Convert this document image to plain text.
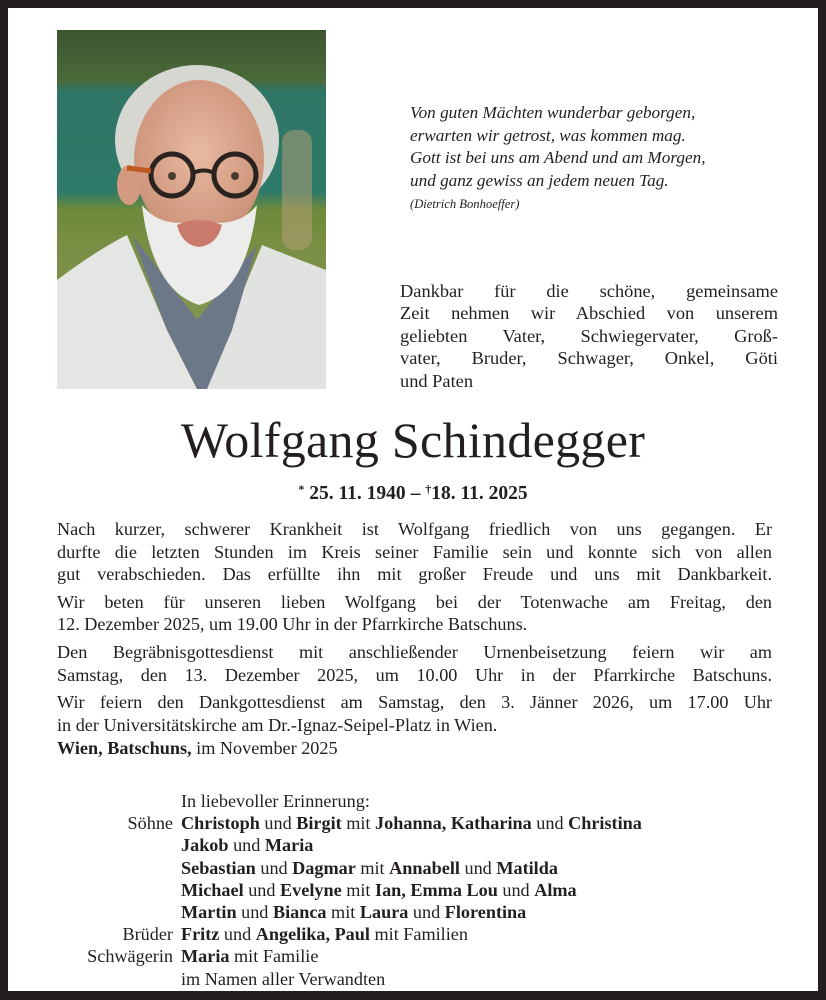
Von guten Mächten wunderbar geborgen,
erwarten wir getrost, was kommen mag.
Gott ist bei uns am Abend und am Morgen,
und ganz gewiss an jedem neuen Tag.
(Dietrich Bonhoeffer)
Dankbar für die schöne, gemeinsame
Zeit nehmen wir Abschied von unserem
geliebten Vater, Schwiegervater, Groß-
vater, Bruder, Schwager, Onkel, Göti
und Paten
Wolfgang Schindegger
* 25. 11. 1940 – †18. 11. 2025
Nach kurzer, schwerer Krankheit ist Wolfgang friedlich von uns gegangen. Er
durfte die letzten Stunden im Kreis seiner Familie sein und konnte sich von allen
gut verabschieden. Das erfüllte ihn mit großer Freude und uns mit Dankbarkeit.
Wir beten für unseren lieben Wolfgang bei der Totenwache am Freitag, den
12. Dezember 2025, um 19.00 Uhr in der Pfarrkirche Batschuns.
Den Begräbnisgottesdienst mit anschließender Urnenbeisetzung feiern wir am
Samstag, den 13. Dezember 2025, um 10.00 Uhr in der Pfarrkirche Batschuns.
Wir feiern den Dankgottesdienst am Samstag, den 3. Jänner 2026, um 17.00 Uhr
in der Universitätskirche am Dr.-Ignaz-Seipel-Platz in Wien.
Wien, Batschuns, im November 2025
In liebevoller Erinnerung:
Söhne Christoph und Birgit mit Johanna, Katharina und Christina
Jakob und Maria
Sebastian und Dagmar mit Annabell und Matilda
Michael und Evelyne mit Ian, Emma Lou und Alma
Martin und Bianca mit Laura und Florentina
Brüder Fritz und Angelika, Paul mit Familien
Schwägerin Maria mit Familie
im Namen aller Verwandten
